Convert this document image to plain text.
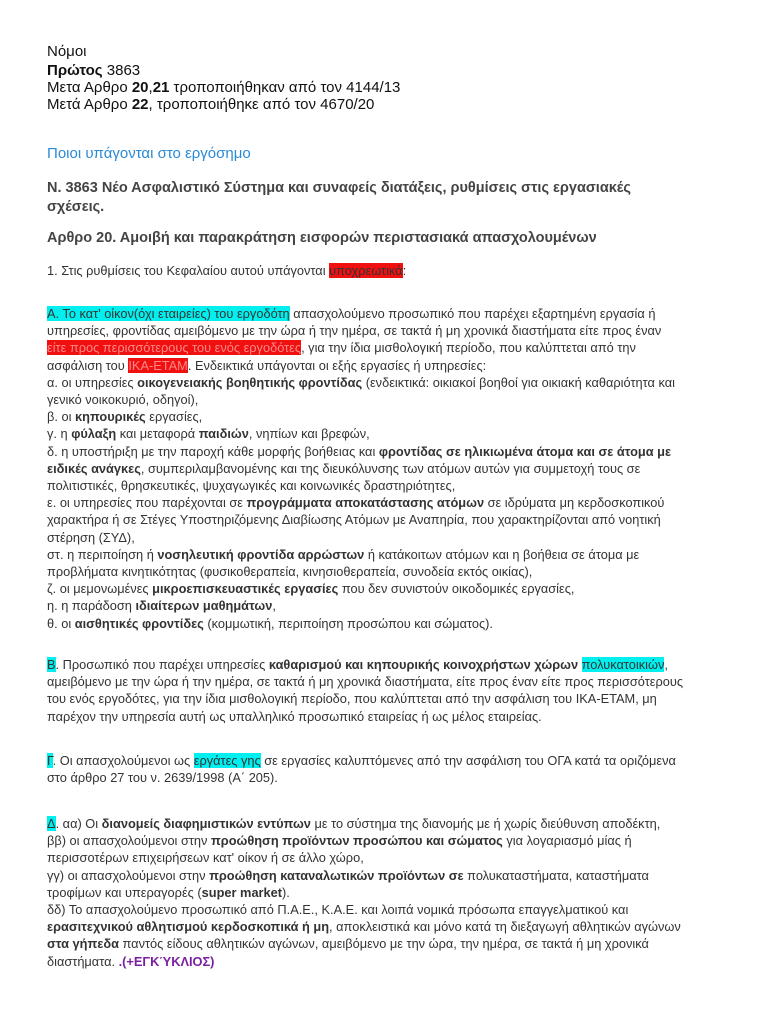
Νόμοι
Πρώτος 3863
Μετα Αρθρο 20,21 τροποποιήθηκαν από τον 4144/13
Μετά Αρθρο 22, τροποποιήθηκε από τον 4670/20
Ποιοι υπάγονται στο εργόσημο
Ν. 3863 Νέο Ασφαλιστικό Σύστημα και συναφείς διατάξεις, ρυθμίσεις στις εργασιακές
σχέσεις.
Αρθρο 20. Αμοιβή και παρακράτηση εισφορών περιστασιακά απασχολουμένων
1. Στις ρυθμίσεις του Κεφαλαίου αυτού υπάγονται υποχρεωτικά:
Α. Το κατ' οίκον(όχι εταιρείες) του εργοδότη απασχολούμενο προσωπικό που παρέχει εξαρτημένη εργασία ή
υπηρεσίες, φροντίδας αμειβόμενο με την ώρα ή την ημέρα, σε τακτά ή μη χρονικά διαστήματα είτε προς έναν
είτε προς περισσότερους του ενός εργοδότες, για την ίδια μισθολογική περίοδο, που καλύπτεται από την
ασφάλιση του ΙΚΑ-ΕΤΑΜ. Ενδεικτικά υπάγονται οι εξής εργασίες ή υπηρεσίες:
α. οι υπηρεσίες οικογενειακής βοηθητικής φροντίδας (ενδεικτικά: οικιακοί βοηθοί για οικιακή καθαριότητα και
γενικό νοικοκυριό, οδηγοί),
β. οι κηπουρικές εργασίες,
γ. η φύλαξη και μεταφορά παιδιών, νηπίων και βρεφών,
δ. η υποστήριξη με την παροχή κάθε μορφής βοήθειας και φροντίδας σε ηλικιωμένα άτομα και σε άτομα με
ειδικές ανάγκες, συμπεριλαμβανομένης και της διευκόλυνσης των ατόμων αυτών για συμμετοχή τους σε
πολιτιστικές, θρησκευτικές, ψυχαγωγικές και κοινωνικές δραστηριότητες,
ε. οι υπηρεσίες που παρέχονται σε προγράμματα αποκατάστασης ατόμων σε ιδρύματα μη κερδοσκοπικού
χαρακτήρα ή σε Στέγες Υποστηριζόμενης Διαβίωσης Ατόμων με Αναπηρία, που χαρακτηρίζονται από νοητική
στέρηση (ΣΥΔ),
στ. η περιποίηση ή νοσηλευτική φροντίδα αρρώστων ή κατάκοιτων ατόμων και η βοήθεια σε άτομα με
προβλήματα κινητικότητας (φυσικοθεραπεία, κινησιοθεραπεία, συνοδεία εκτός οικίας),
ζ. οι μεμονωμένες μικροεπισκευαστικές εργασίες που δεν συνιστούν οικοδομικές εργασίες,
η. η παράδοση ιδιαίτερων μαθημάτων,
θ. οι αισθητικές φροντίδες (κομμωτική, περιποίηση προσώπου και σώματος).
Β. Προσωπικό που παρέχει υπηρεσίες καθαρισμού και κηπουρικής κοινοχρήστων χώρων πολυκατοικιών,
αμειβόμενο με την ώρα ή την ημέρα, σε τακτά ή μη χρονικά διαστήματα, είτε προς έναν είτε προς περισσότερους
του ενός εργοδότες, για την ίδια μισθολογική περίοδο, που καλύπτεται από την ασφάλιση του ΙΚΑ-ΕΤΑΜ, μη
παρέχον την υπηρεσία αυτή ως υπαλληλικό προσωπικό εταιρείας ή ως μέλος εταιρείας.
Γ. Οι απασχολούμενοι ως εργάτες γης σε εργασίες καλυπτόμενες από την ασφάλιση του ΟΓΑ κατά τα οριζόμενα
στο άρθρο 27 του ν. 2639/1998 (Α΄ 205).
Δ. αα) Οι διανομείς διαφημιστικών εντύπων με το σύστημα της διανομής με ή χωρίς διεύθυνση αποδέκτη,
ββ) οι απασχολούμενοι στην προώθηση προϊόντων προσώπου και σώματος για λογαριασμό μίας ή
περισσοτέρων επιχειρήσεων κατ' οίκον ή σε άλλο χώρο,
γγ) οι απασχολούμενοι στην προώθηση καταναλωτικών προϊόντων σε πολυκαταστήματα, καταστήματα
τροφίμων και υπεραγορές (super market).
δδ) Το απασχολούμενο προσωπικό από Π.Α.Ε., Κ.Α.Ε. και λοιπά νομικά πρόσωπα επαγγελματικού και
ερασιτεχνικού αθλητισμού κερδοσκοπικά ή μη, αποκλειστικά και μόνο κατά τη διεξαγωγή αθλητικών αγώνων
στα γήπεδα παντός είδους αθλητικών αγώνων, αμειβόμενο με την ώρα, την ημέρα, σε τακτά ή μη χρονικά
διαστήματα. .(+ΕΓΚΎΚΛΙΟΣ)
